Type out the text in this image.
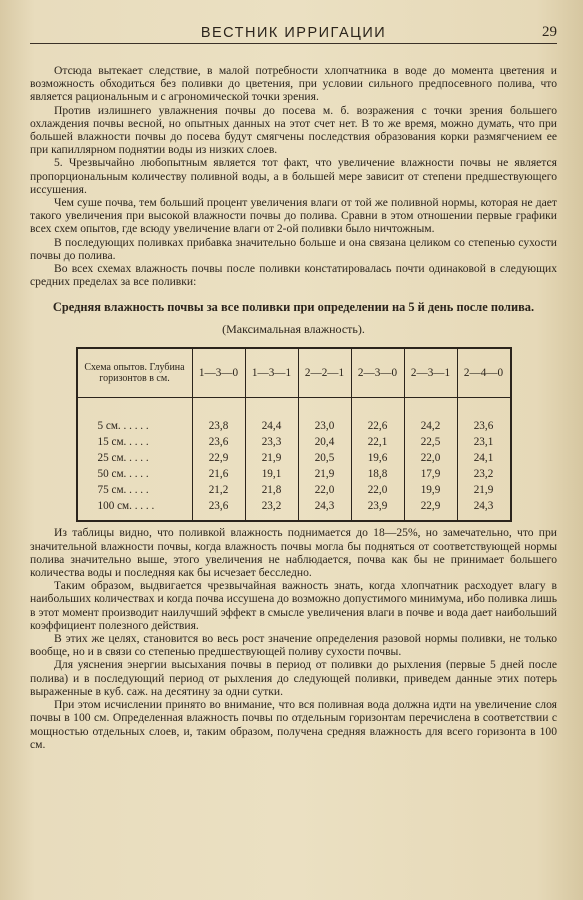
ВЕСТНИК ИРРИГАЦИИ	29

Отсюда вытекает следствие, в малой потребности хлопчатника в воде до момента цветения и возможность обходиться без поливки до цветения, при условии сильного предпосевного полива, что является рациональным и с агрономической точки зрения.

Против излишнего увлажнения почвы до посева м. б. возражения с точки зрения большего охлаждения почвы весной, но опытных данных на этот счет нет. В то же время, можно думать, что при большей влажности почвы до посева будут смягчены последствия образования корки размягчением ее при капиллярном поднятии воды из низких слоев.

5. Чрезвычайно любопытным является тот факт, что увеличение влажности почвы не является пропорциональным количеству поливной воды, а в большей мере зависит от степени предшествующего иссушения.

Чем суше почва, тем больший процент увеличения влаги от той же поливной нормы, которая не дает такого увеличения при высокой влажности почвы до полива. Сравни в этом отношении первые графики всех схем опытов, где всюду увеличение влаги от 2-ой поливки было ничтожным.

В последующих поливках прибавка значительно больше и она связана целиком со степенью сухости почвы до полива.

Во всех схемах влажность почвы после поливки констатировалась почти одинаковой в следующих средних пределах за все поливки:

Средняя влажность почвы за все поливки при определении на 5 й день после полива.
(Максимальная влажность).
Схема опытов. Глубина горизонтов в см.	1—3—0	1—3—1	2—2—1	2—3—0	2—3—1	2—4—0
5 см. . . . . .	23,8	24,4	23,0	22,6	24,2	23,6
15 см. . . . .	23,6	23,3	20,4	22,1	22,5	23,1
25 см. . . . .	22,9	21,9	20,5	19,6	22,0	24,1
50 см. . . . .	21,6	19,1	21,9	18,8	17,9	23,2
75 см. . . . .	21,2	21,8	22,0	22,0	19,9	21,9
100 см. . . . .	23,6	23,2	24,3	23,9	22,9	24,3

Из таблицы видно, что поливкой влажность поднимается до 18—25%, но замечательно, что при значительной влажности почвы, когда влажность почвы могла бы подняться от соответствующей нормы полива значительно выше, этого увеличения не наблюдается, почва как бы не принимает большего количества воды и последняя как бы исчезает бесследно.

Таким образом, выдвигается чрезвычайная важность знать, когда хлопчатник расходует влагу в наибольших количествах и когда почва иссушена до возможно допустимого минимума, ибо поливка лишь в этот момент производит наилучший эффект в смысле увеличения влаги в почве и вода дает наибольший коэффициент полезного действия.

В этих же целях, становится во весь рост значение определения разовой нормы поливки, не только вообще, но и в связи со степенью предшествующей поливу сухости почвы.

Для уяснения энергии высыхания почвы в период от поливки до рыхления (первые 5 дней после полива) и в последующий период от рыхления до следующей поливки, приведем данные этих потерь выраженные в куб. саж. на десятину за одни сутки.

При этом исчислении принято во внимание, что вся поливная вода должна идти на увеличение слоя почвы в 100 см. Определенная влажность почвы по отдельным горизонтам перечислена в соответствии с мощностью отдельных слоев, и, таким образом, получена средняя влажность для всего горизонта в 100 см.
